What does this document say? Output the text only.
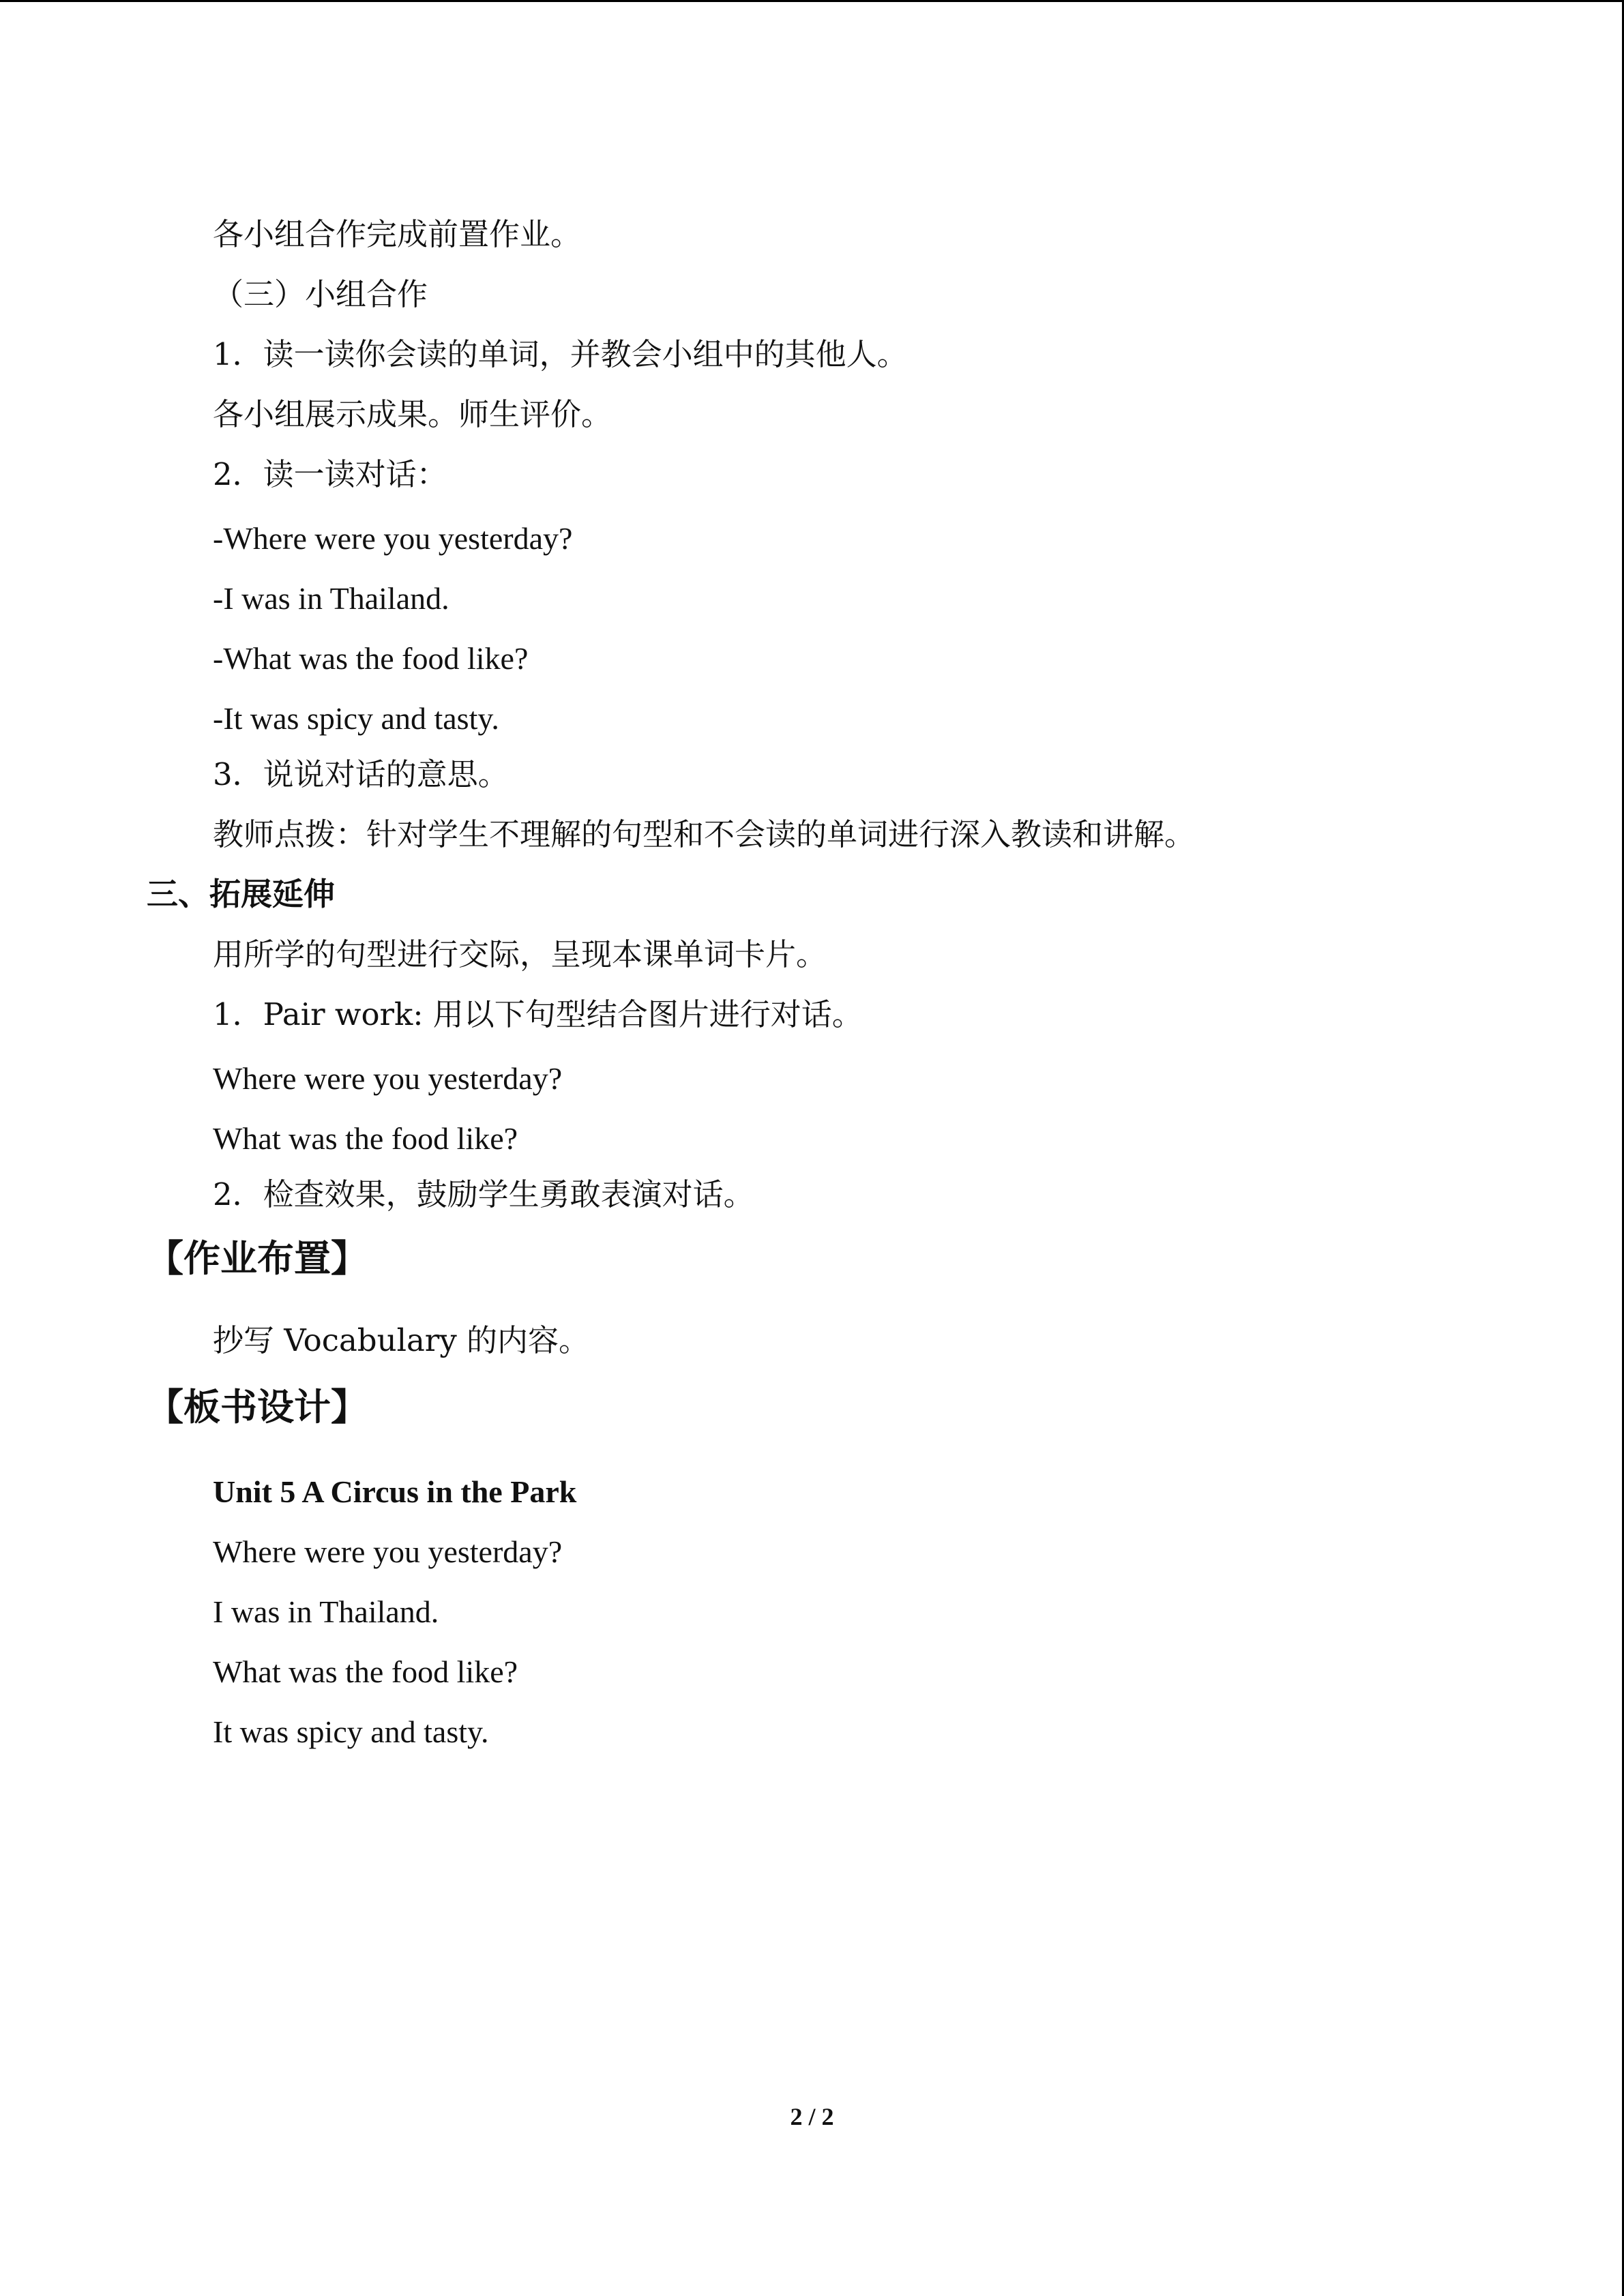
各小组合作完成前置作业。
（三）小组合作
1．读一读你会读的单词，并教会小组中的其他人。
各小组展示成果。师生评价。
2．读一读对话：
-Where were you yesterday?
-I was in Thailand.
-What was the food like?
-It was spicy and tasty.
3．说说对话的意思。
教师点拨：针对学生不理解的句型和不会读的单词进行深入教读和讲解。
三、拓展延伸
用所学的句型进行交际，呈现本课单词卡片。
1．Pair work: 用以下句型结合图片进行对话。
Where were you yesterday?
What was the food like?
2．检查效果，鼓励学生勇敢表演对话。
【作业布置】
抄写 Vocabulary 的内容。
【板书设计】
Unit 5 A Circus in the Park
Where were you yesterday?
I was in Thailand.
What was the food like?
It was spicy and tasty.
2 / 2
